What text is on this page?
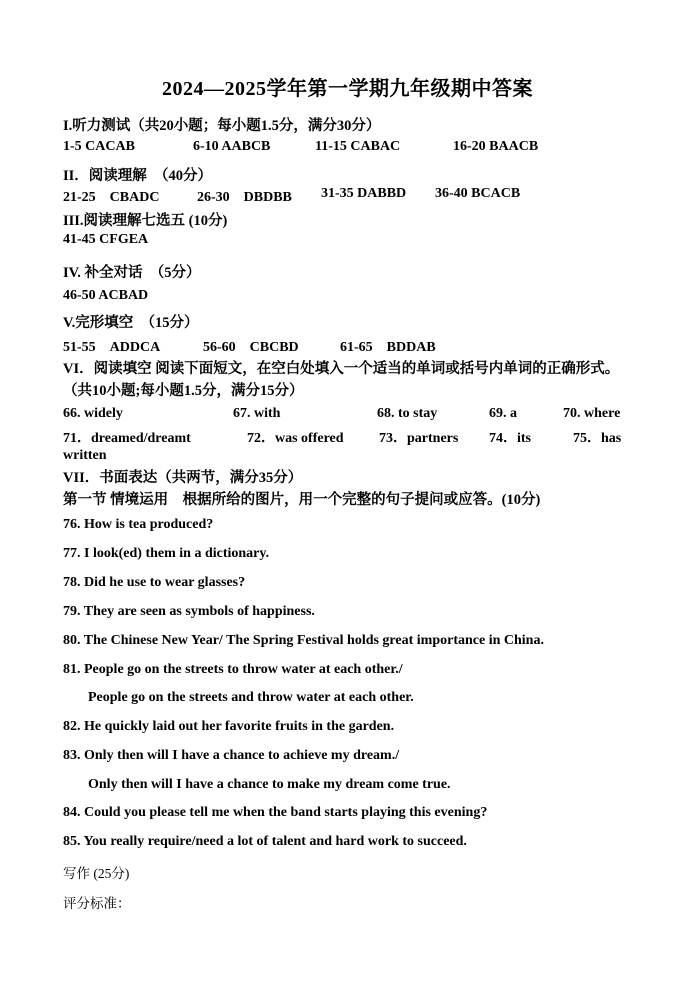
2024—2025学年第一学期九年级期中答案
I.听力测试（共20小题；每小题1.5分，满分30分）
1-5 CACAB	6-10 AABCB	11-15 CABAC	16-20 BAACB
II．阅读理解　（40分）
21-25　CBADC	26-30　DBDBB 31-35 DABBD 36-40 BCACB
III.阅读理解七选五 (10分)
41-45 CFGEA
IV. 补全对话　（5分）
46-50 ACBAD
V.完形填空　（15分）
51-55　ADDCA	56-60　CBCBD	61-65　BDDAB
VI．阅读填空 阅读下面短文，在空白处填入一个适当的单词或括号内单词的正确形式。（共10小题;每小题1.5分，满分15分）
66. widely	67. with	68. to stay	69. a	70. where
71．dreamed/dreamt	72．was offered	73．partners 74．its	75．has
written
VII．书面表达（共两节，满分35分）
第一节 情境运用　根据所给的图片，用一个完整的句子提问或应答。(10分)
76. How is tea produced?
77. I look(ed) them in a dictionary.
78. Did he use to wear glasses?
79. They are seen as symbols of happiness.
80. The Chinese New Year/ The Spring Festival holds great importance in China.
81. People go on the streets to throw water at each other./
People go on the streets and throw water at each other.
82. He quickly laid out her favorite fruits in the garden.
83. Only then will I have a chance to achieve my dream./
Only then will I have a chance to make my dream come true.
84. Could you please tell me when the band starts playing this evening?
85. You really require/need a lot of talent and hard work to succeed.
写作 (25分)
评分标准：
